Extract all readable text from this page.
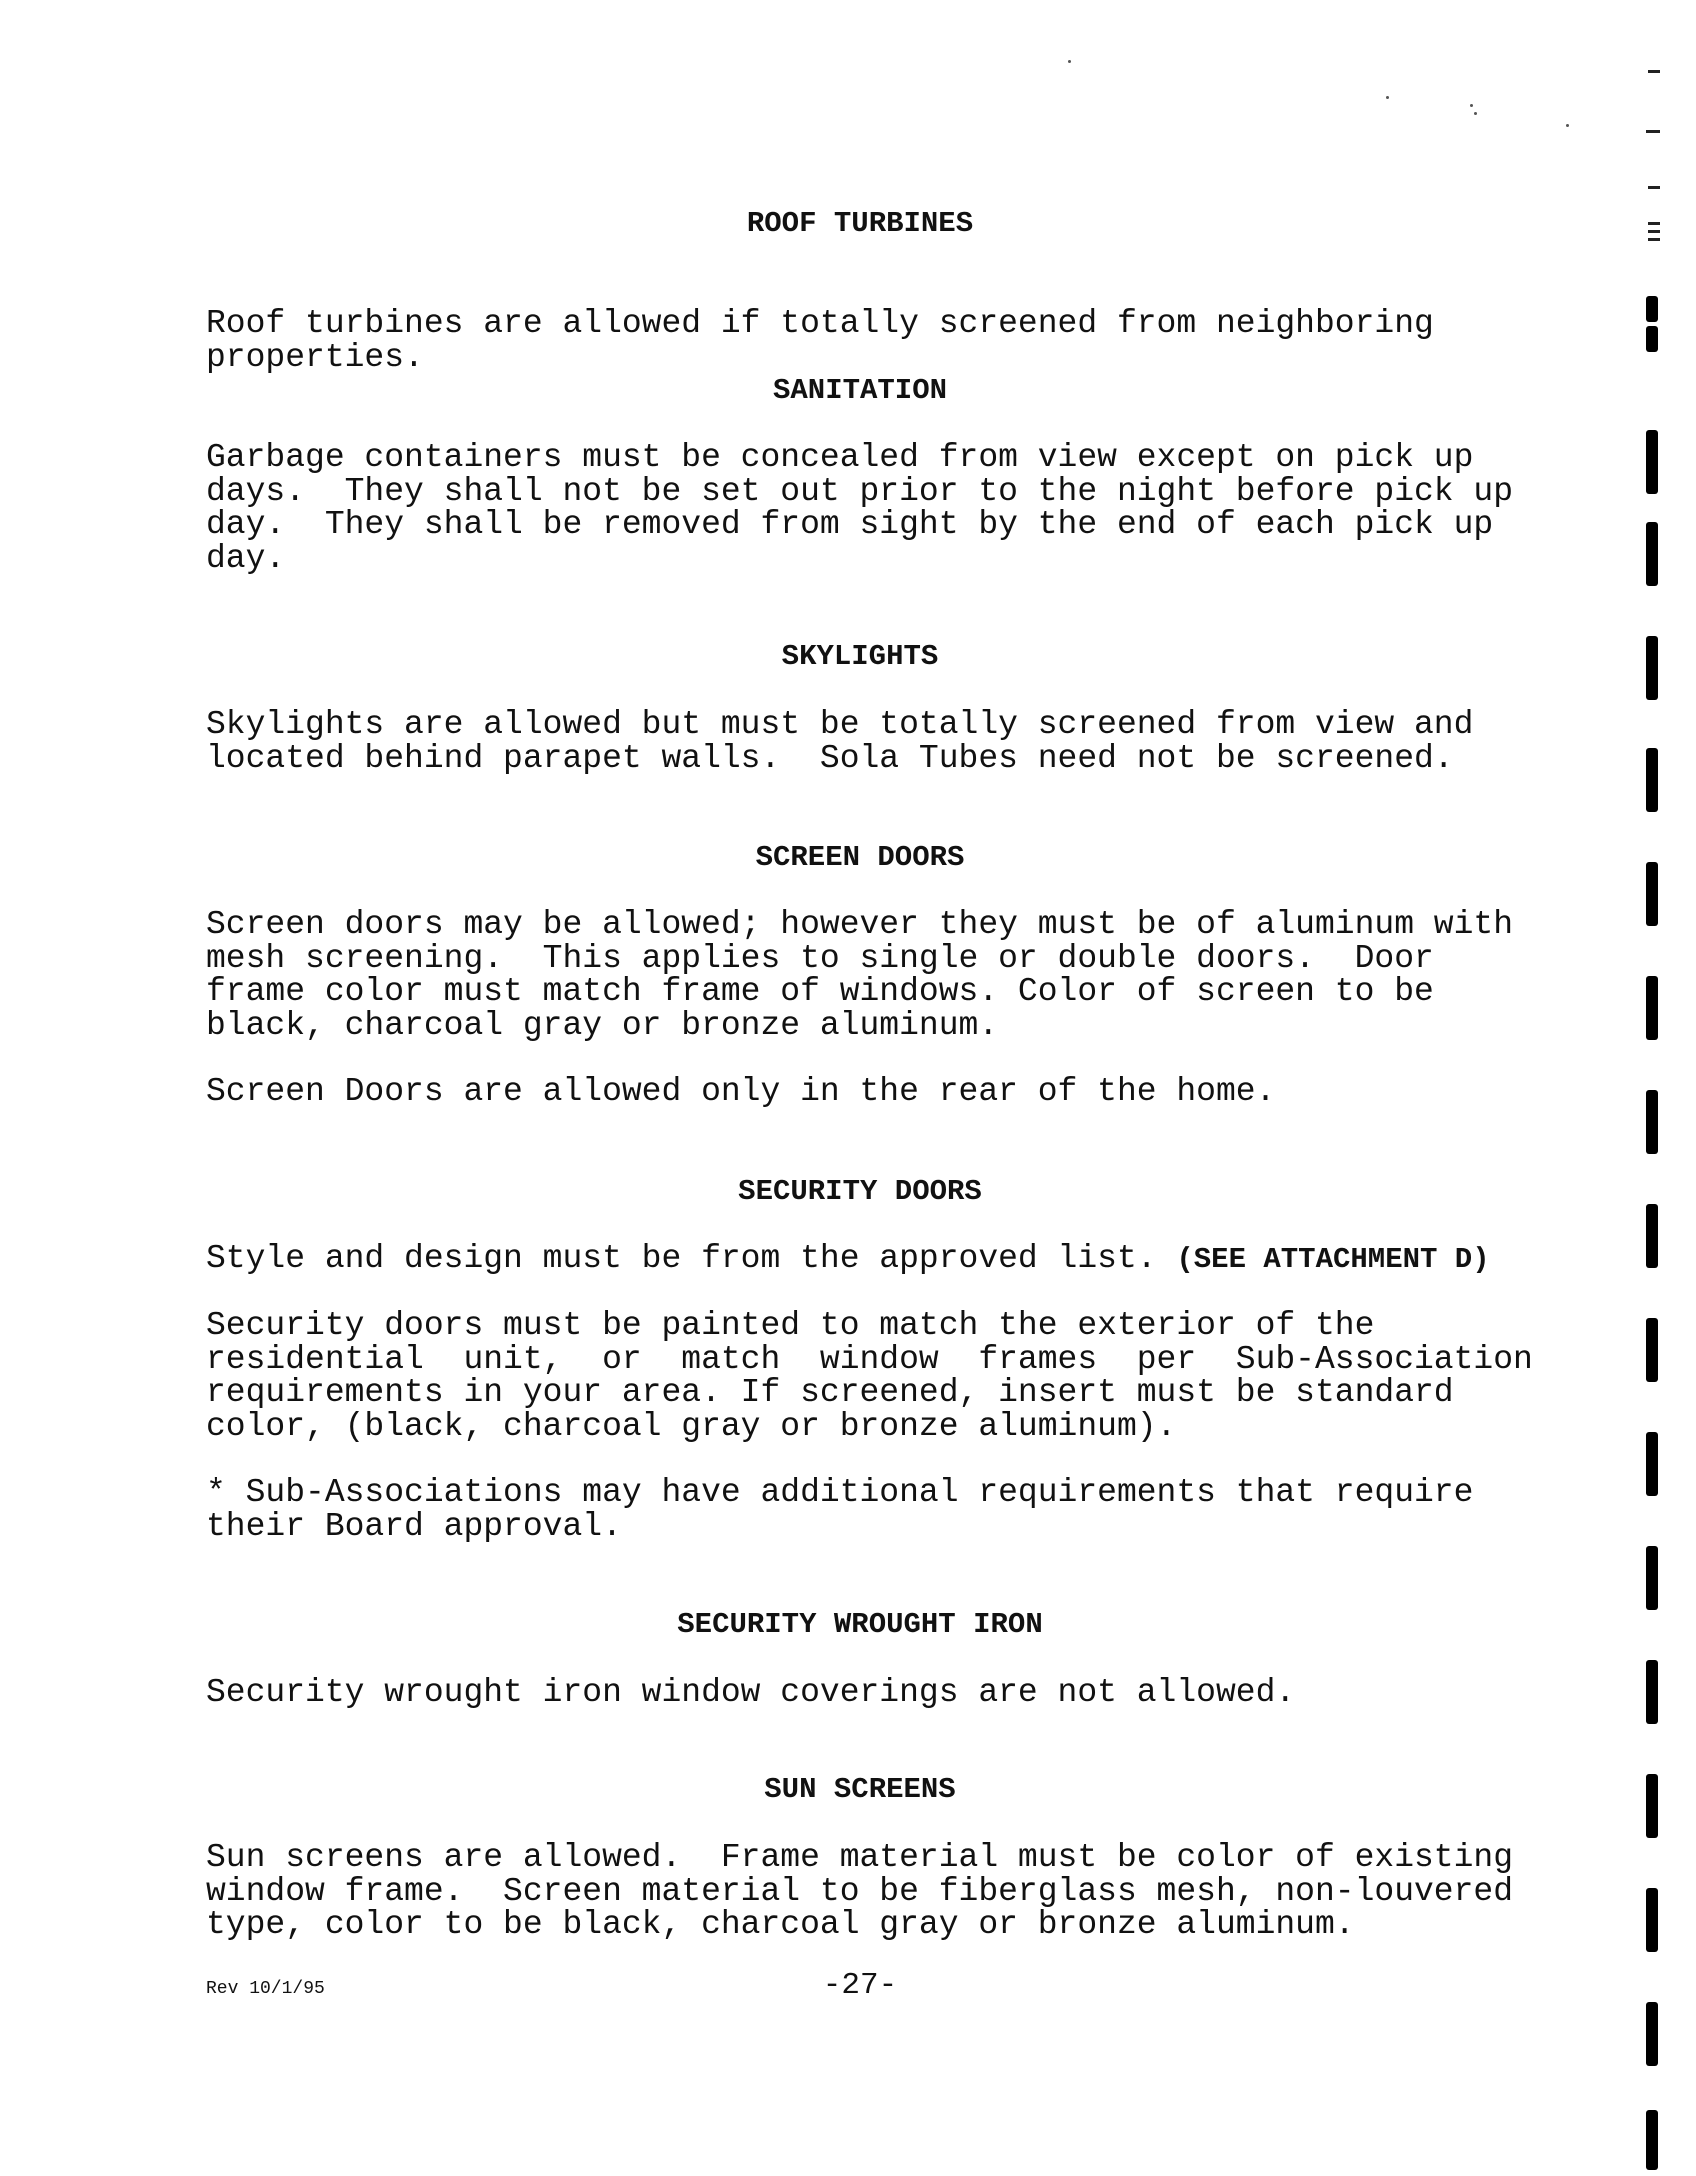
ROOF TURBINES
Roof turbines are allowed if totally screened from neighboring
properties.
SANITATION
Garbage containers must be concealed from view except on pick up
days.  They shall not be set out prior to the night before pick up
day.  They shall be removed from sight by the end of each pick up
day.
SKYLIGHTS
Skylights are allowed but must be totally screened from view and
located behind parapet walls.  Sola Tubes need not be screened.
SCREEN DOORS
Screen doors may be allowed; however they must be of aluminum with
mesh screening.  This applies to single or double doors.  Door
frame color must match frame of windows. Color of screen to be
black, charcoal gray or bronze aluminum.
Screen Doors are allowed only in the rear of the home.
SECURITY DOORS
Style and design must be from the approved list. (SEE ATTACHMENT D)
Security doors must be painted to match the exterior of the
residential  unit,  or  match  window  frames  per  Sub-Association
requirements in your area. If screened, insert must be standard
color, (black, charcoal gray or bronze aluminum).
* Sub-Associations may have additional requirements that require
their Board approval.
SECURITY WROUGHT IRON
Security wrought iron window coverings are not allowed.
SUN SCREENS
Sun screens are allowed.  Frame material must be color of existing
window frame.  Screen material to be fiberglass mesh, non-louvered
type, color to be black, charcoal gray or bronze aluminum.
Rev 10/1/95	-27-
